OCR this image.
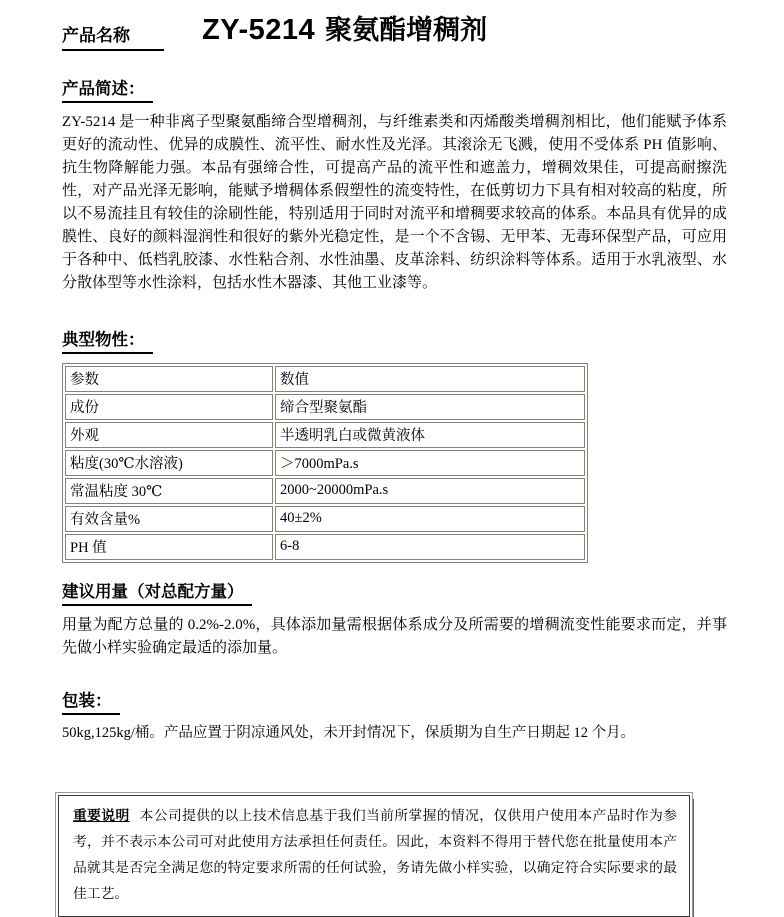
产品名称	ZY-5214 聚氨酯增稠剂
产品简述：

ZY-5214 是一种非离子型聚氨酯缔合型增稠剂，与纤维素类和丙烯酸类增稠剂相比，他们能赋予体系更好的流动性、优异的成膜性、流平性、耐水性及光泽。其滚涂无飞溅，使用不受体系 PH 值影响、抗生物降解能力强。本品有强缔合性，可提高产品的流平性和遮盖力，增稠效果佳，可提高耐擦洗性，对产品光泽无影响，能赋予增稠体系假塑性的流变特性，在低剪切力下具有相对较高的粘度，所以不易流挂且有较佳的涂刷性能，特别适用于同时对流平和增稠要求较高的体系。本品具有优异的成膜性、良好的颜料湿润性和很好的紫外光稳定性，是一个不含锡、无甲苯、无毒环保型产品，可应用于各种中、低档乳胶漆、水性粘合剂、水性油墨、皮革涂料、纺织涂料等体系。适用于水乳液型、水分散体型等水性涂料，包括水性木器漆、其他工业漆等。

典型物性：
参数	数值
成份	缔合型聚氨酯
外观	半透明乳白或微黄液体
粘度(30℃水溶液)	＞7000mPa.s
常温粘度 30℃	2000~20000mPa.s
有效含量%	40±2%
PH 值	6-8
建议用量（对总配方量）

用量为配方总量的 0.2%-2.0%，具体添加量需根据体系成分及所需要的增稠流变性能要求而定，并事先做小样实验确定最适的添加量。

包装：

50kg,125kg/桶。产品应置于阴凉通风处，未开封情况下，保质期为自生产日期起 12 个月。

重要说明 本公司提供的以上技术信息基于我们当前所掌握的情况，仅供用户使用本产品时作为参考，并不表示本公司可对此使用方法承担任何责任。因此，本资料不得用于替代您在批量使用本产品就其是否完全满足您的特定要求所需的任何试验，务请先做小样实验，以确定符合实际要求的最佳工艺。
